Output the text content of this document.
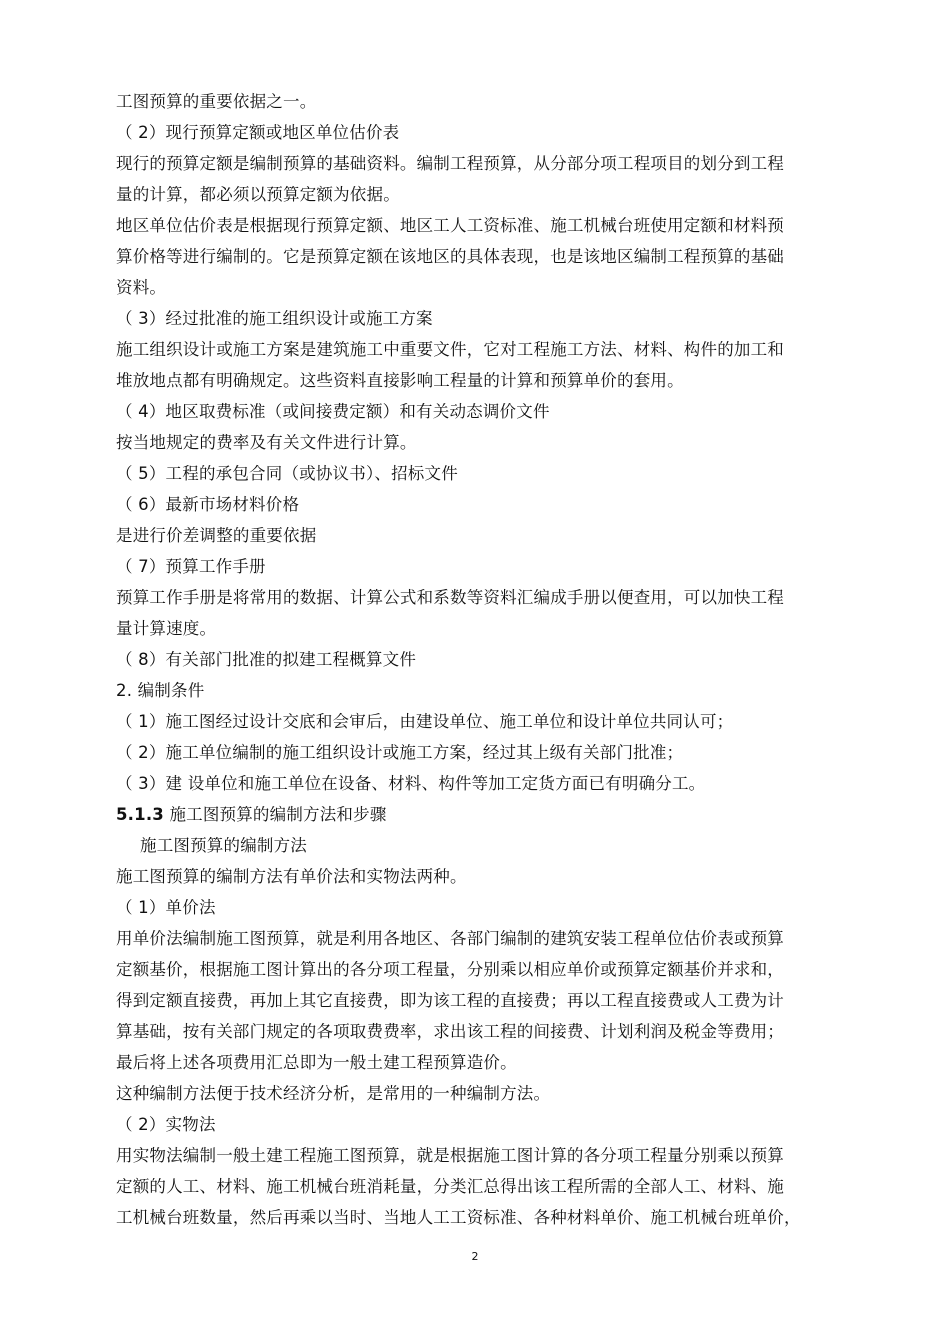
工图预算的重要依据之一。
（ 2）现行预算定额或地区单位估价表
现行的预算定额是编制预算的基础资料。编制工程预算，从分部分项工程项目的划分到工程
量的计算，都必须以预算定额为依据。
地区单位估价表是根据现行预算定额、地区工人工资标准、施工机械台班使用定额和材料预
算价格等进行编制的。它是预算定额在该地区的具体表现，也是该地区编制工程预算的基础
资料。
（ 3）经过批准的施工组织设计或施工方案
施工组织设计或施工方案是建筑施工中重要文件，它对工程施工方法、材料、构件的加工和
堆放地点都有明确规定。这些资料直接影响工程量的计算和预算单价的套用。
（ 4）地区取费标准（或间接费定额）和有关动态调价文件
按当地规定的费率及有关文件进行计算。
（ 5）工程的承包合同（或协议书）、招标文件
（ 6）最新市场材料价格
是进行价差调整的重要依据
（ 7）预算工作手册
预算工作手册是将常用的数据、计算公式和系数等资料汇编成手册以便查用，可以加快工程
量计算速度。
（ 8）有关部门批准的拟建工程概算文件
2. 编制条件
（ 1）施工图经过设计交底和会审后，由建设单位、施工单位和设计单位共同认可；
（ 2）施工单位编制的施工组织设计或施工方案，经过其上级有关部门批准；
（ 3）建 设单位和施工单位在设备、材料、构件等加工定货方面已有明确分工。
5.1.3 施工图预算的编制方法和步骤
施工图预算的编制方法
施工图预算的编制方法有单价法和实物法两种。
（ 1）单价法
用单价法编制施工图预算，就是利用各地区、各部门编制的建筑安装工程单位估价表或预算
定额基价，根据施工图计算出的各分项工程量，分别乘以相应单价或预算定额基价并求和，
得到定额直接费，再加上其它直接费，即为该工程的直接费；再以工程直接费或人工费为计
算基础，按有关部门规定的各项取费费率，求出该工程的间接费、计划利润及税金等费用；
最后将上述各项费用汇总即为一般土建工程预算造价。
这种编制方法便于技术经济分析，是常用的一种编制方法。
（ 2）实物法
用实物法编制一般土建工程施工图预算，就是根据施工图计算的各分项工程量分别乘以预算
定额的人工、材料、施工机械台班消耗量，分类汇总得出该工程所需的全部人工、材料、施
工机械台班数量，然后再乘以当时、当地人工工资标准、各种材料单价、施工机械台班单价，
2
